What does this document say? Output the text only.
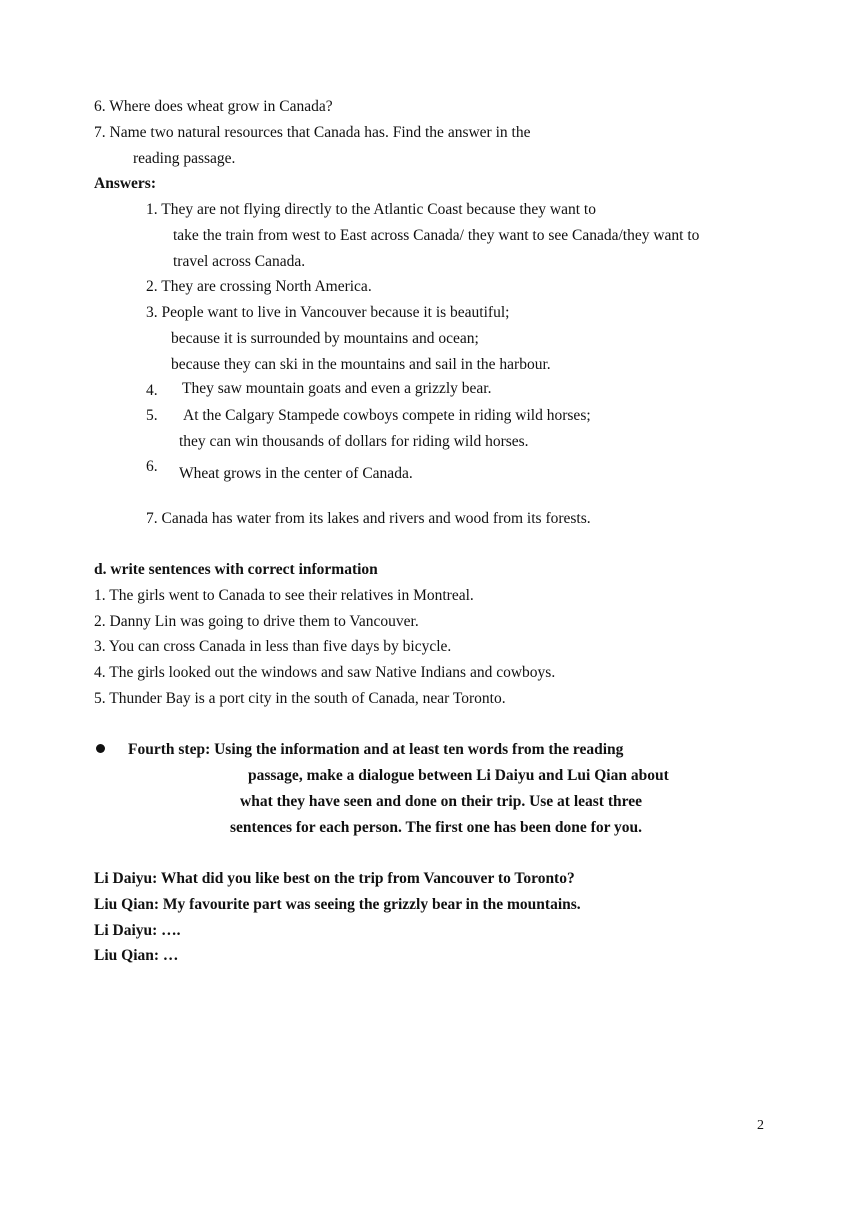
6. Where does wheat grow in Canada?
7. Name two natural resources that Canada has. Find the answer in the
reading passage.
Answers:
1. They are not flying directly to the Atlantic Coast because they want to
take the train from west to East across Canada/ they want to see Canada/they want to
travel across Canada.
2. They are crossing North America.
3. People want to live in Vancouver because it is beautiful;
because it is surrounded by mountains and ocean;
because they can ski in the mountains and sail in the harbour.
4. They saw mountain goats and even a grizzly bear.
5. At the Calgary Stampede cowboys compete in riding wild horses;
they can win thousands of dollars for riding wild horses.
6. Wheat grows in the center of Canada.
7. Canada has water from its lakes and rivers and wood from its forests.
d. write sentences with correct information
1. The girls went to Canada to see their relatives in Montreal.
2. Danny Lin was going to drive them to Vancouver.
3. You can cross Canada in less than five days by bicycle.
4. The girls looked out the windows and saw Native Indians and cowboys.
5. Thunder Bay is a port city in the south of Canada, near Toronto.
Fourth step: Using the information and at least ten words from the reading
passage, make a dialogue between Li Daiyu and Lui Qian about
what they have seen and done on their trip. Use at least three
sentences for each person. The first one has been done for you.
Li Daiyu: What did you like best on the trip from Vancouver to Toronto?
Liu Qian: My favourite part was seeing the grizzly bear in the mountains.
Li Daiyu: ….
Liu Qian: …
2
